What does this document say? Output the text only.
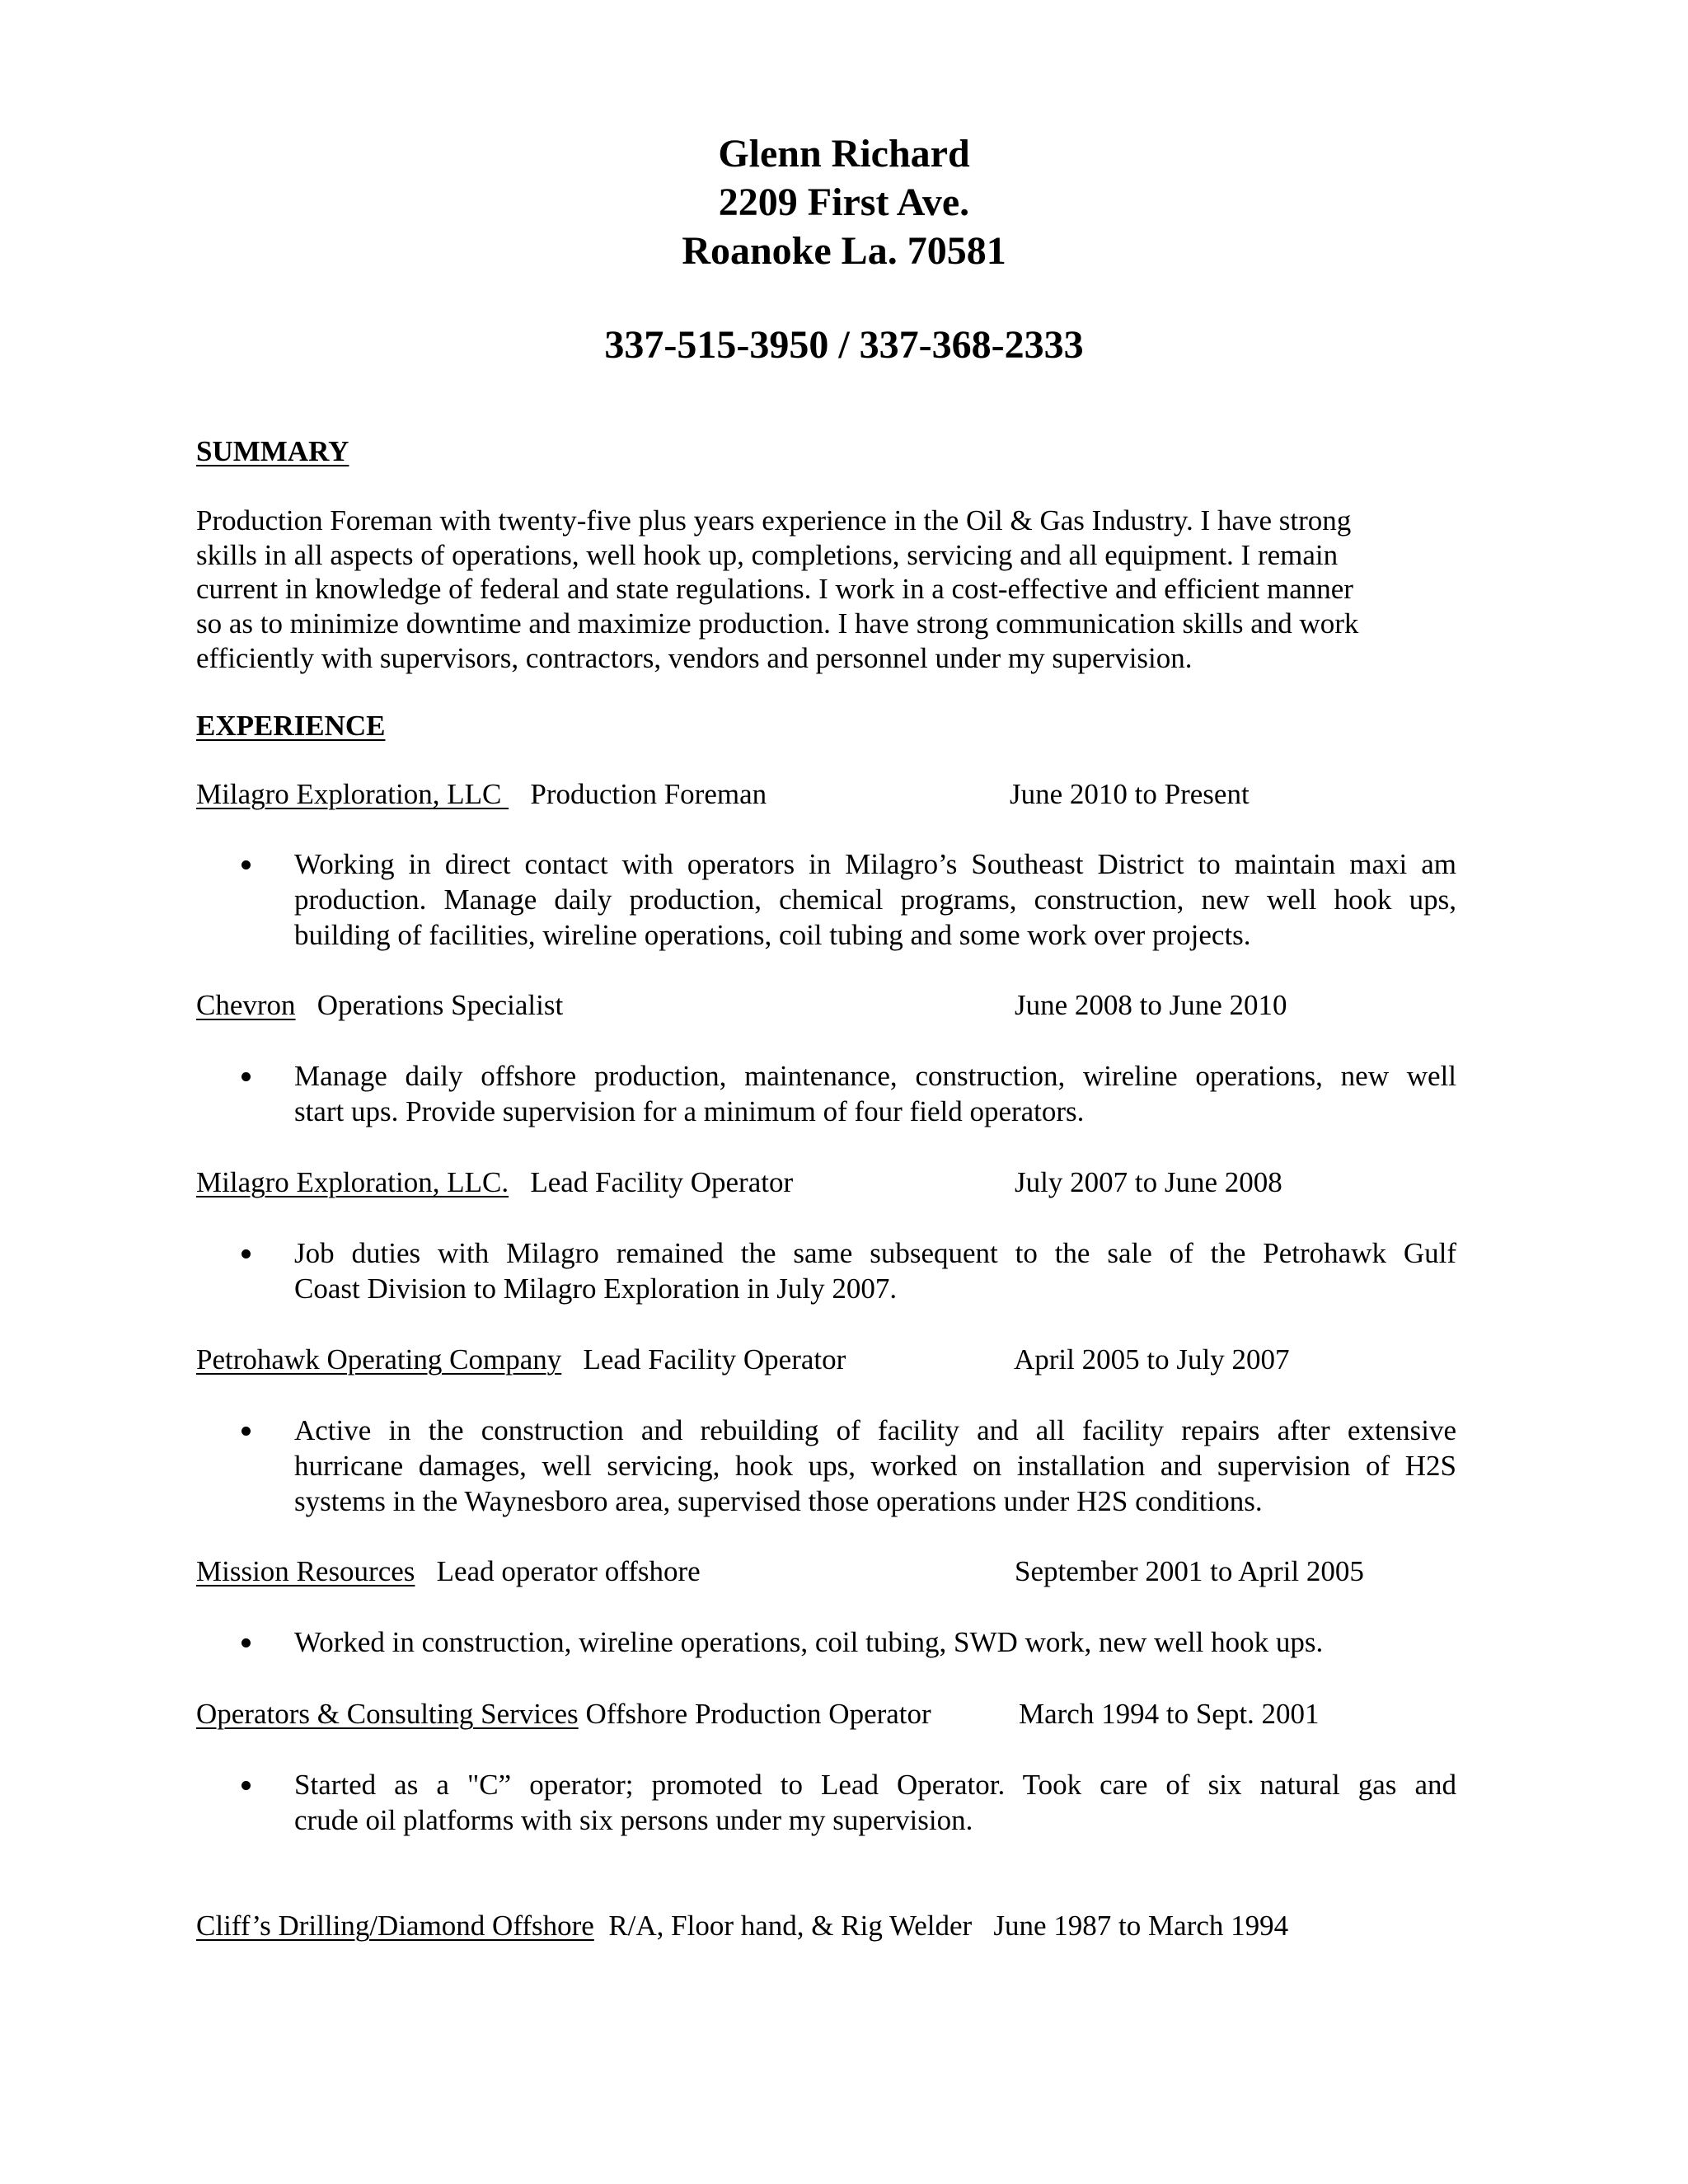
Glenn Richard
2209 First Ave.
Roanoke La. 70581
337-515-3950 / 337-368-2333
SUMMARY
Production Foreman with twenty-five plus years experience in the Oil & Gas Industry. I have strong
skills in all aspects of operations, well hook up, completions, servicing and all equipment. I remain
current in knowledge of federal and state regulations. I work in a cost-effective and efficient manner
so as to minimize downtime and maximize production. I have strong communication skills and work
efficiently with supervisors, contractors, vendors and personnel under my supervision.
EXPERIENCE
Milagro Exploration, LLC    Production Foreman	June 2010 to Present
Working in direct contact with operators in Milagro’s Southeast District to maintain maxi am
production. Manage daily production, chemical programs, construction, new well hook ups,
building of facilities, wireline operations, coil tubing and some work over projects.
Chevron   Operations Specialist	June 2008 to June 2010
Manage daily offshore production, maintenance, construction, wireline operations, new well
start ups. Provide supervision for a minimum of four field operators.
Milagro Exploration, LLC.   Lead Facility Operator	July 2007 to June 2008
Job duties with Milagro remained the same subsequent to the sale of the Petrohawk Gulf
Coast Division to Milagro Exploration in July 2007.
Petrohawk Operating Company   Lead Facility Operator	April 2005 to July 2007
Active in the construction and rebuilding of facility and all facility repairs after extensive
hurricane damages, well servicing, hook ups, worked on installation and supervision of H2S
systems in the Waynesboro area, supervised those operations under H2S conditions.
Mission Resources   Lead operator offshore	September 2001 to April 2005
Worked in construction, wireline operations, coil tubing, SWD work, new well hook ups.
Operators & Consulting Services Offshore Production Operator	March 1994 to Sept. 2001
Started as a "C” operator; promoted to Lead Operator. Took care of six natural gas and
crude oil platforms with six persons under my supervision.
Cliff’s Drilling/Diamond Offshore  R/A, Floor hand, & Rig Welder June 1987 to March 1994
